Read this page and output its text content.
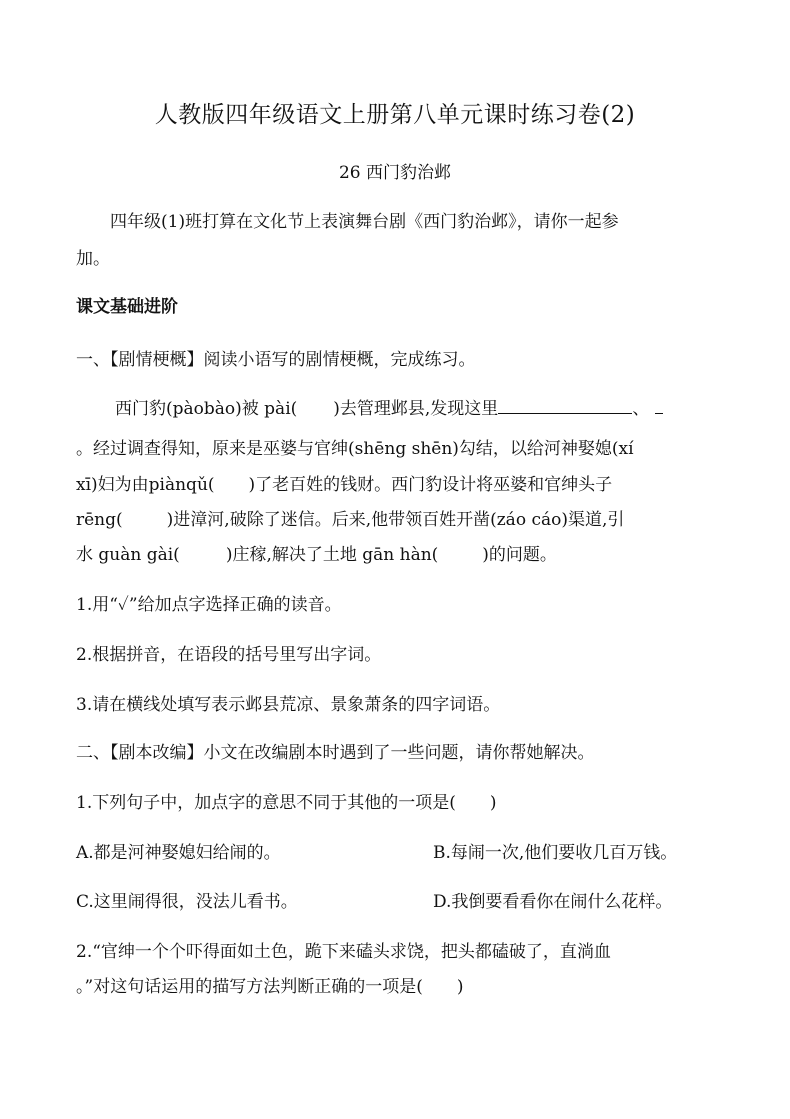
人教版四年级语文上册第八单元课时练习卷(2)
26 西门豹治邺
四年级(1)班打算在文化节上表演舞台剧《西门豹治邺》，请你一起参
加。
课文基础进阶
一、【剧情梗概】阅读小语写的剧情梗概，完成练习。
西门豹(pàobào)被 pài( )去管理邺县,发现这里	、
。经过调查得知，原来是巫婆与官绅(shēng shēn)勾结，以给河神娶媳(xí
xī)妇为由piànqǔ( )了老百姓的钱财。西门豹设计将巫婆和官绅头子
rēng(	)进漳河,破除了迷信。后来,他带领百姓开凿(záo cáo)渠道,引
水 guàn gài(	)庄稼,解决了土地 gān hàn(	)的问题。
1.用“✓”给加点字选择正确的读音。
2.根据拼音，在语段的括号里写出字词。
3.请在横线处填写表示邺县荒凉、景象萧条的四字词语。
二、【剧本改编】小文在改编剧本时遇到了一些问题，请你帮她解决。
1.下列句子中，加点字的意思不同于其他的一项是(　　)
A.都是河神娶媳妇给闹的。	B.每闹一次,他们要收几百万钱。
C.这里闹得很，没法儿看书。	D.我倒要看看你在闹什么花样。
2.“官绅一个个吓得面如土色，跪下来磕头求饶，把头都磕破了，直淌血
。”对这句话运用的描写方法判断正确的一项是(　　)
